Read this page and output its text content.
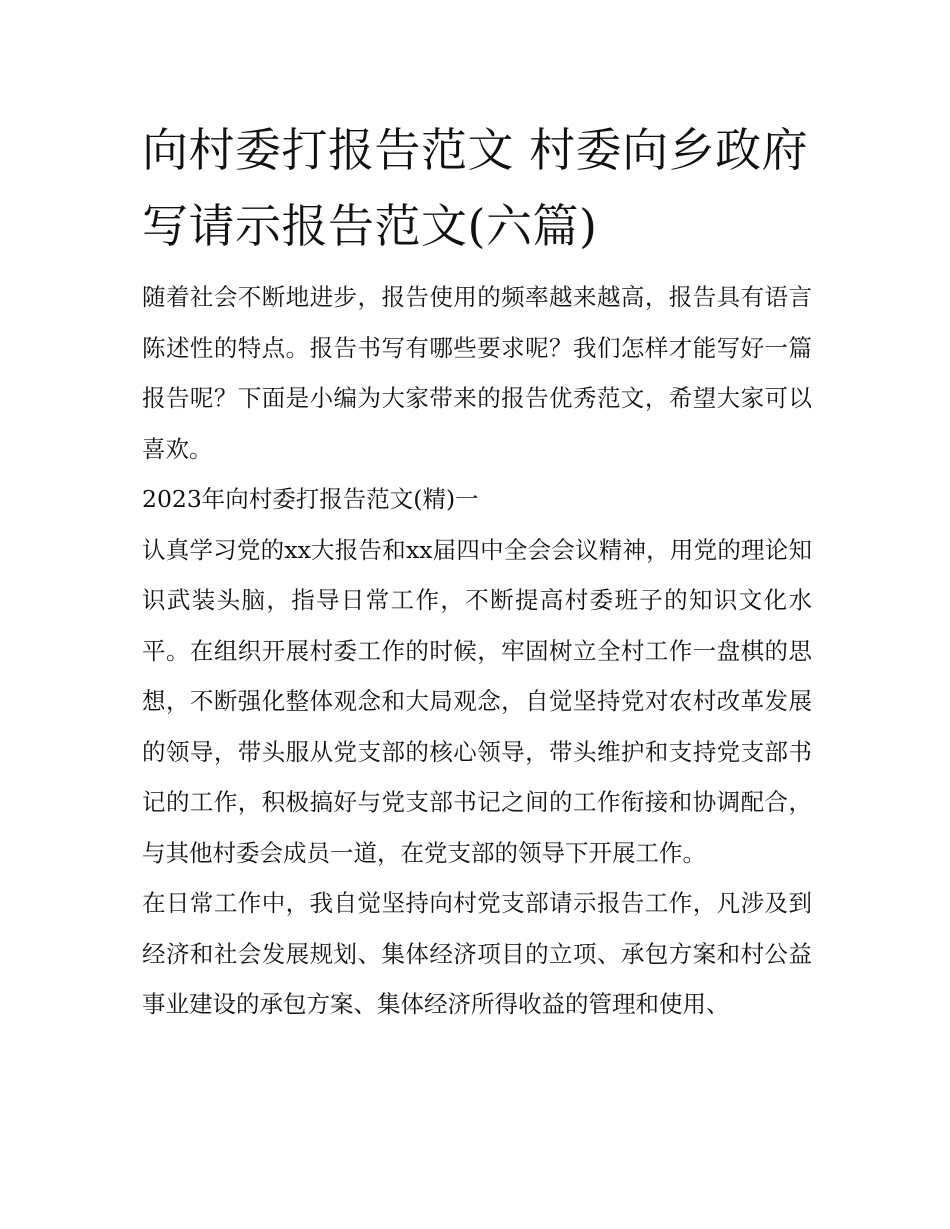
向村委打报告范文 村委向乡政府写请示报告范文(六篇)

随着社会不断地进步，报告使用的频率越来越高，报告具有语言陈述性的特点。报告书写有哪些要求呢？我们怎样才能写好一篇报告呢？下面是小编为大家带来的报告优秀范文，希望大家可以喜欢。

2023年向村委打报告范文(精)一

认真学习党的xx大报告和xx届四中全会会议精神，用党的理论知识武装头脑，指导日常工作，不断提高村委班子的知识文化水平。在组织开展村委工作的时候，牢固树立全村工作一盘棋的思想，不断强化整体观念和大局观念，自觉坚持党对农村改革发展的领导，带头服从党支部的核心领导，带头维护和支持党支部书记的工作，积极搞好与党支部书记之间的工作衔接和协调配合，与其他村委会成员一道，在党支部的领导下开展工作。

在日常工作中，我自觉坚持向村党支部请示报告工作，凡涉及到经济和社会发展规划、集体经济项目的立项、承包方案和村公益事业建设的承包方案、集体经济所得收益的管理和使用、
